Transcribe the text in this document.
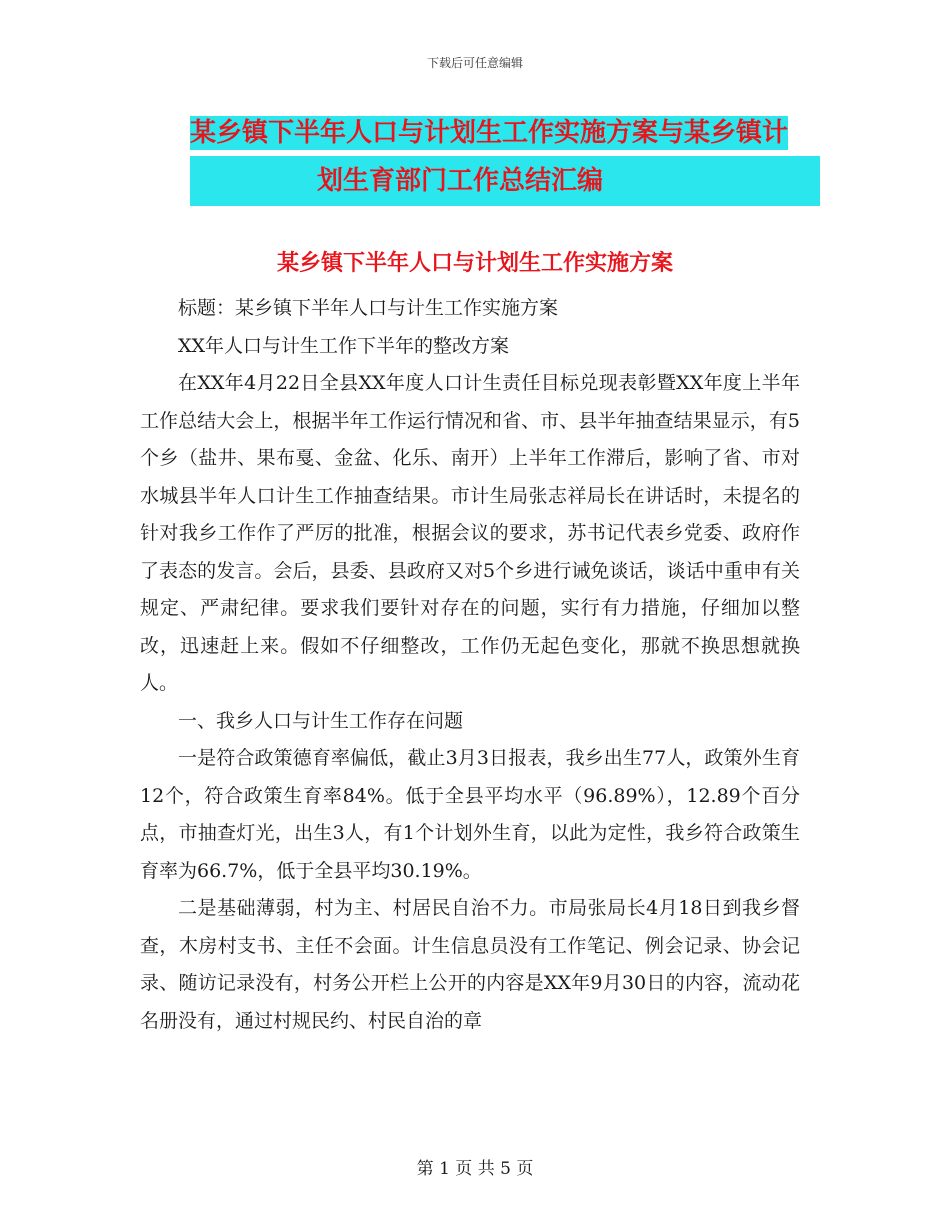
下载后可任意编辑
某乡镇下半年人口与计划生工作实施方案与某乡镇计
划生育部门工作总结汇编
某乡镇下半年人口与计划生工作实施方案

标题：某乡镇下半年人口与计生工作实施方案

XX年人口与计生工作下半年的整改方案

在XX年4月22日全县XX年度人口计生责任目标兑现表彰暨XX年度上半年工作总结大会上，根据半年工作运行情况和省、市、县半年抽查结果显示，有5个乡（盐井、果布戛、金盆、化乐、南开）上半年工作滞后，影响了省、市对水城县半年人口计生工作抽查结果。市计生局张志祥局长在讲话时，未提名的针对我乡工作作了严厉的批准，根据会议的要求，苏书记代表乡党委、政府作了表态的发言。会后，县委、县政府又对5个乡进行诫免谈话，谈话中重申有关规定、严肃纪律。要求我们要针对存在的问题，实行有力措施，仔细加以整改，迅速赶上来。假如不仔细整改，工作仍无起色变化，那就不换思想就换人。

一、我乡人口与计生工作存在问题

一是符合政策德育率偏低，截止3月3日报表，我乡出生77人，政策外生育12个，符合政策生育率84%。低于全县平均水平（96.89%），12.89个百分点，市抽查灯光，出生3人，有1个计划外生育，以此为定性，我乡符合政策生育率为66.7%，低于全县平均30.19%。

二是基础薄弱，村为主、村居民自治不力。市局张局长4月18日到我乡督查，木房村支书、主任不会面。计生信息员没有工作笔记、例会记录、协会记录、随访记录没有，村务公开栏上公开的内容是XX年9月30日的内容，流动花名册没有，通过村规民约、村民自治的章

第 1 页 共 5 页
